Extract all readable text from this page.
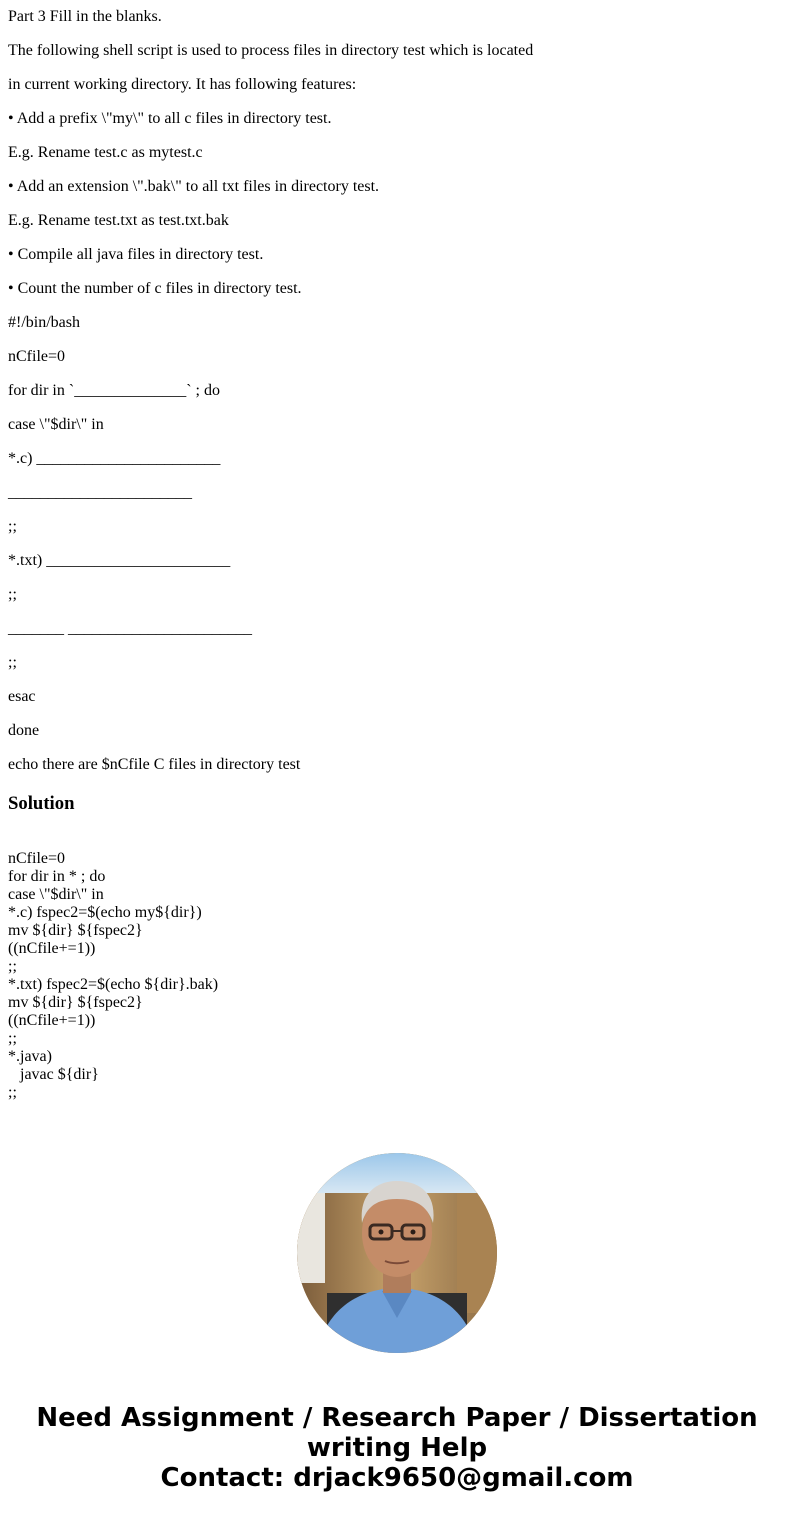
Part 3 Fill in the blanks.
The following shell script is used to process files in directory test which is located
in current working directory. It has following features:
• Add a prefix \"my\" to all c files in directory test.
E.g. Rename test.c as mytest.c
• Add an extension \".bak\" to all txt files in directory test.
E.g. Rename test.txt as test.txt.bak
• Compile all java files in directory test.
• Count the number of c files in directory test.
#!/bin/bash
nCfile=0
for dir in `______________` ; do
case \"$dir\" in
*.c) _______________________
_______________________
;;
*.txt) _______________________
;;
_______ _______________________
;;
esac
done
echo there are $nCfile C files in directory test
Solution
nCfile=0
for dir in * ; do
case \"$dir\" in
*.c) fspec2=$(echo my${dir})
mv ${dir} ${fspec2}
((nCfile+=1))
;;
*.txt) fspec2=$(echo ${dir}.bak)
mv ${dir} ${fspec2}
((nCfile+=1))
;;
*.java)
javac ${dir}
;;
Need Assignment / Research Paper / Dissertation
writing Help
Contact: drjack9650@gmail.com
